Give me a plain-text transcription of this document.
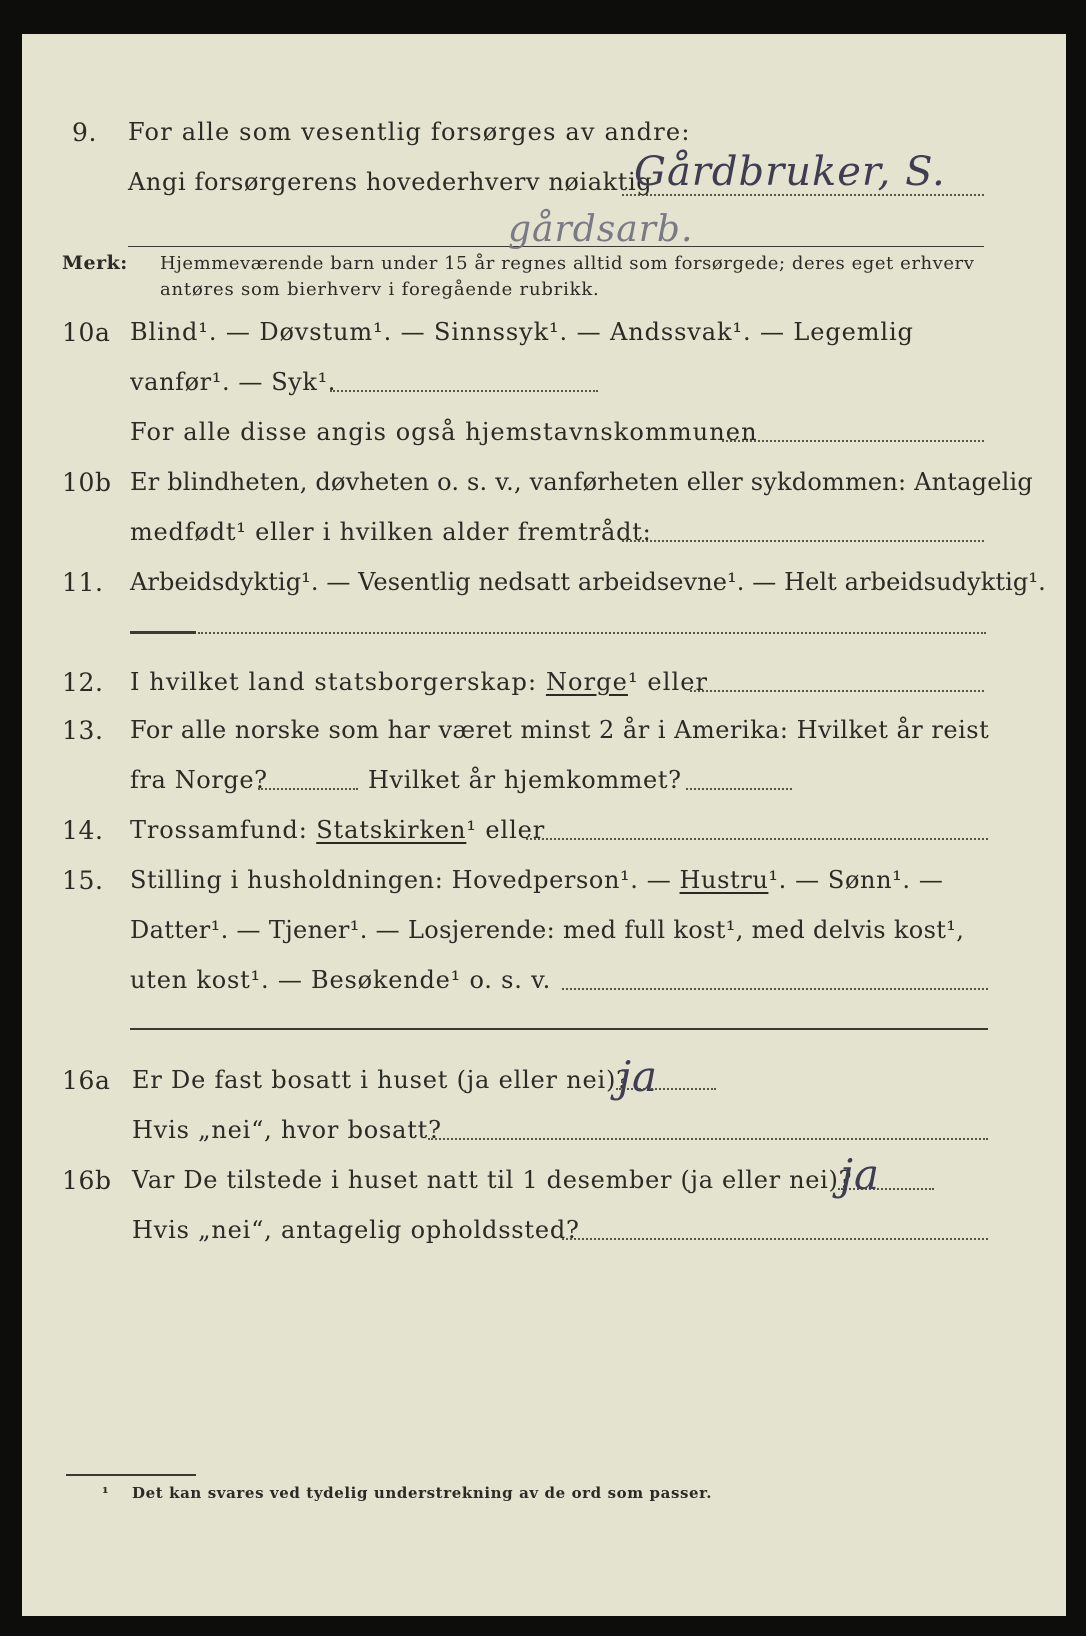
9. For alle som vesentlig forsørges av andre:
Angi forsørgerens hovederhverv nøiaktig
Gårdbruker, S.
gårdsarb.
Merk: Hjemmeværende barn under 15 år regnes alltid som forsørgede; deres eget erhverv
antøres som bierhverv i foregående rubrikk.
10a Blind¹. — Døvstum¹. — Sinnssyk¹. — Andssvak¹. — Legemlig
vanfør¹. — Syk¹.
For alle disse angis også hjemstavnskommunen
10b Er blindheten, døvheten o. s. v., vanførheten eller sykdommen: Antagelig
medfødt¹ eller i hvilken alder fremtrådt:
11. Arbeidsdyktig¹. — Vesentlig nedsatt arbeidsevne¹. — Helt arbeidsudyktig¹.
12. I hvilket land statsborgerskap: Norge¹ eller
13. For alle norske som har været minst 2 år i Amerika: Hvilket år reist
fra Norge?	Hvilket år hjemkommet?
14. Trossamfund: Statskirken¹ eller
15. Stilling i husholdningen: Hovedperson¹. — Hustru¹. — Sønn¹. —
Datter¹. — Tjener¹. — Losjerende: med full kost¹, med delvis kost¹,
uten kost¹. — Besøkende¹ o. s. v.
16a Er De fast bosatt i huset (ja eller nei)?
ja
Hvis „nei“, hvor bosatt?
16b Var De tilstede i huset natt til 1 desember (ja eller nei)?
ja
Hvis „nei“, antagelig opholdssted?
¹ Det kan svares ved tydelig understrekning av de ord som passer.
